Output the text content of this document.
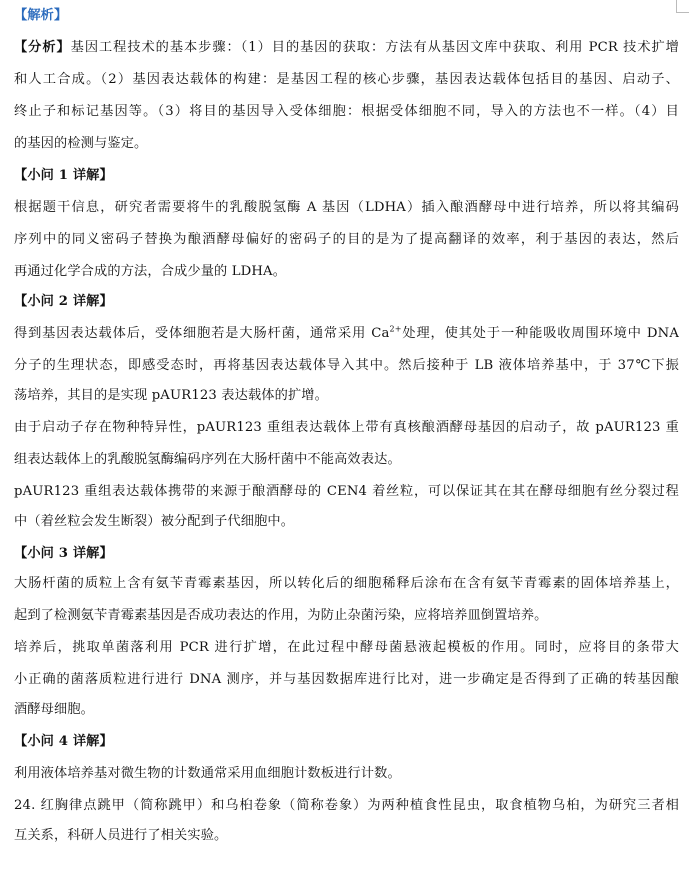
【解析】
【分析】基因工程技术的基本步骤：（1）目的基因的获取：方法有从基因文库中获取、利用 PCR 技术扩增
和人工合成。（2）基因表达载体的构建：是基因工程的核心步骤，基因表达载体包括目的基因、启动子、
终止子和标记基因等。（3）将目的基因导入受体细胞：根据受体细胞不同，导入的方法也不一样。（4）目
的基因的检测与鉴定。
【小问 1 详解】
根据题干信息，研究者需要将牛的乳酸脱氢酶 A 基因（LDHA）插入酿酒酵母中进行培养，所以将其编码
序列中的同义密码子替换为酿酒酵母偏好的密码子的目的是为了提高翻译的效率，利于基因的表达，然后
再通过化学合成的方法，合成少量的 LDHA。
【小问 2 详解】
得到基因表达载体后，受体细胞若是大肠杆菌，通常采用 $Ca^{2+}$处理，使其处于一种能吸收周围环境中 DNA
分子的生理状态，即感受态时，再将基因表达载体导入其中。然后接种于 LB 液体培养基中，于 37℃下振
荡培养，其目的是实现 pAUR123 表达载体的扩增。
由于启动子存在物种特异性，pAUR123 重组表达载体上带有真核酿酒酵母基因的启动子，故 pAUR123 重
组表达载体上的乳酸脱氢酶编码序列在大肠杆菌中不能高效表达。
pAUR123 重组表达载体携带的来源于酿酒酵母的 CEN4 着丝粒，可以保证其在其在酵母细胞有丝分裂过程
中（着丝粒会发生断裂）被分配到子代细胞中。
【小问 3 详解】
大肠杆菌的质粒上含有氨苄青霉素基因，所以转化后的细胞稀释后涂布在含有氨苄青霉素的固体培养基上，
起到了检测氨苄青霉素基因是否成功表达的作用，为防止杂菌污染，应将培养皿倒置培养。
培养后，挑取单菌落利用 PCR 进行扩增，在此过程中酵母菌悬液起模板的作用。同时，应将目的条带大
小正确的菌落质粒进行进行 DNA 测序，并与基因数据库进行比对，进一步确定是否得到了正确的转基因酿
酒酵母细胞。
【小问 4 详解】
利用液体培养基对微生物的计数通常采用血细胞计数板进行计数。
24. 红胸律点跳甲（简称跳甲）和乌桕卷象（简称卷象）为两种植食性昆虫，取食植物乌桕，为研究三者相
互关系，科研人员进行了相关实验。
